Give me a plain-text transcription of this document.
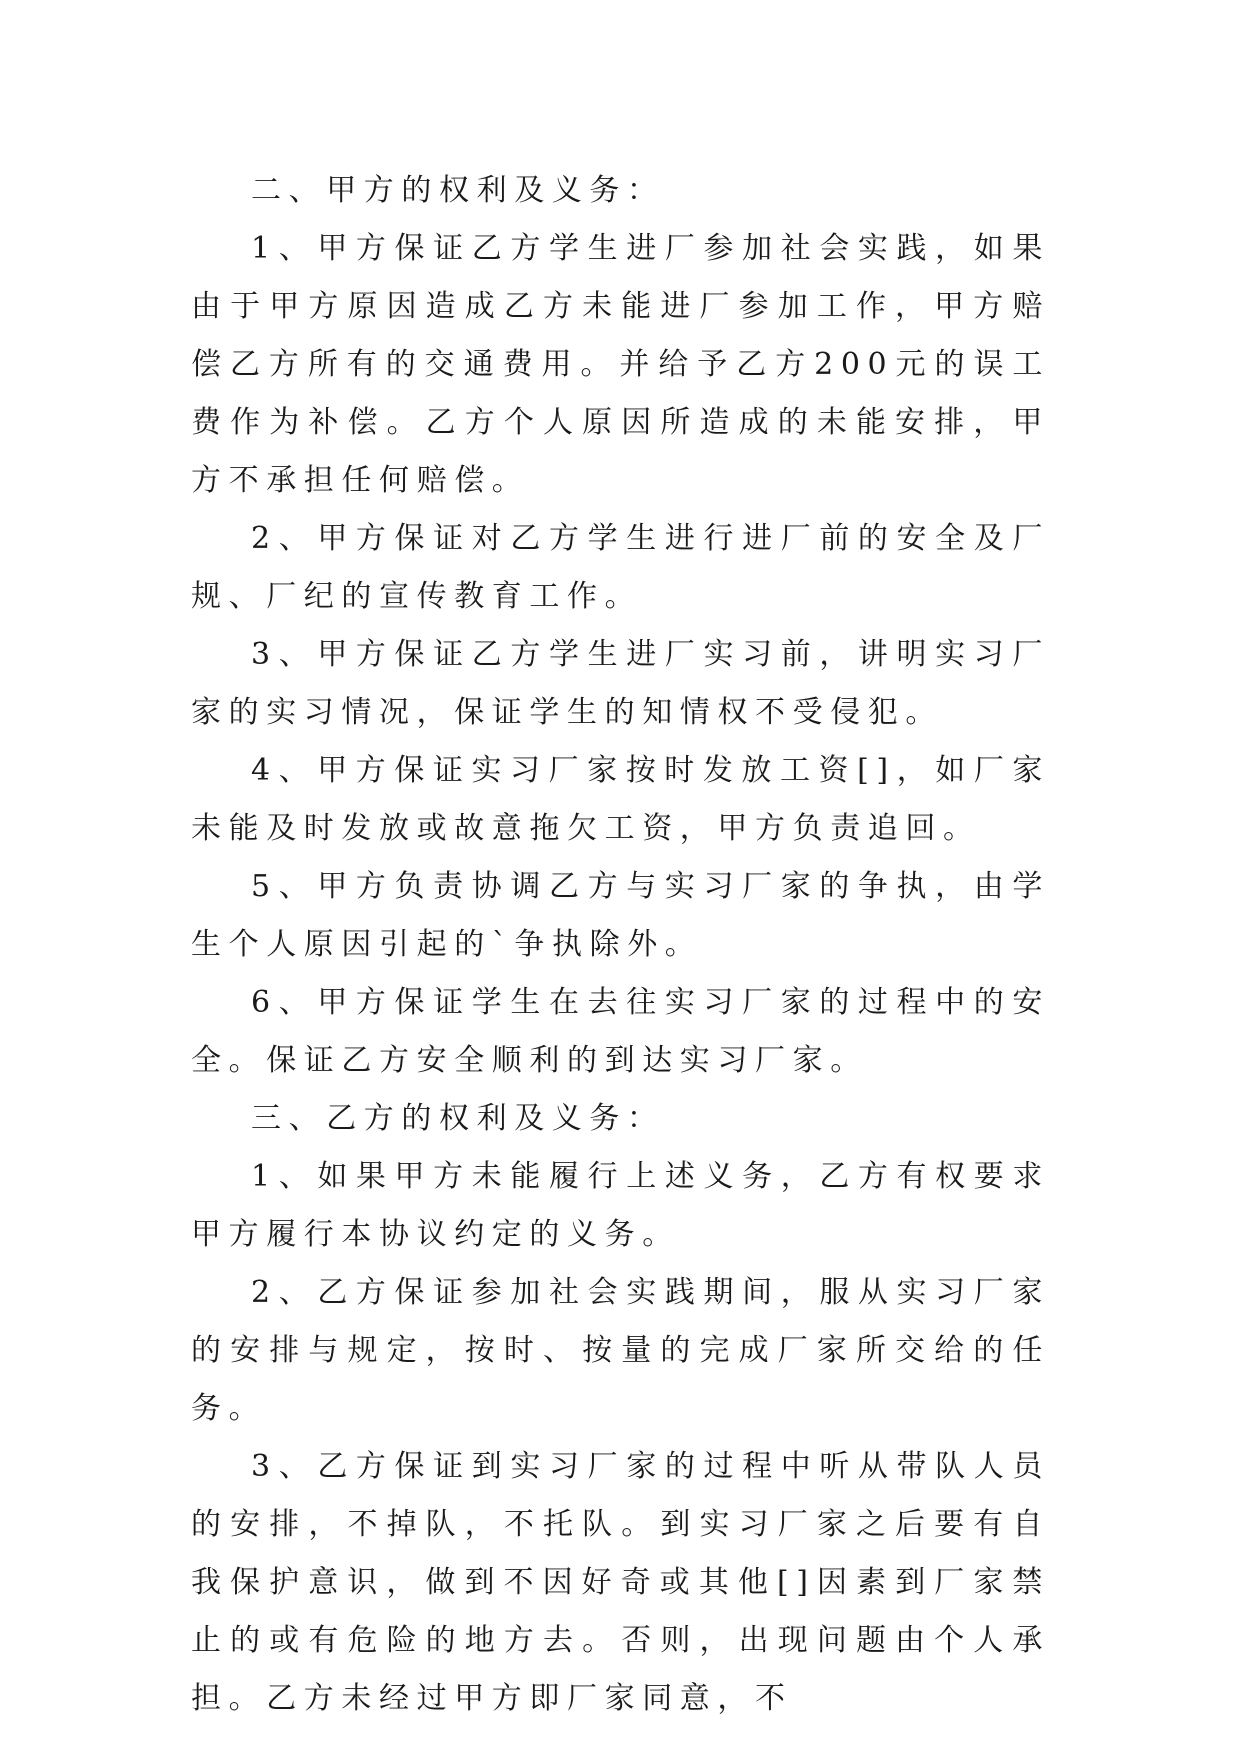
二、甲方的权利及义务：

1、甲方保证乙方学生进厂参加社会实践，如果由于甲方原因造成乙方未能进厂参加工作，甲方赔偿乙方所有的交通费用。并给予乙方200元的误工费作为补偿。乙方个人原因所造成的未能安排，甲方不承担任何赔偿。

2、甲方保证对乙方学生进行进厂前的安全及厂规、厂纪的宣传教育工作。

3、甲方保证乙方学生进厂实习前，讲明实习厂家的实习情况，保证学生的知情权不受侵犯。

4、甲方保证实习厂家按时发放工资[]，如厂家未能及时发放或故意拖欠工资，甲方负责追回。

5、甲方负责协调乙方与实习厂家的争执，由学生个人原因引起的`争执除外。

6、甲方保证学生在去往实习厂家的过程中的安全。保证乙方安全顺利的到达实习厂家。

三、乙方的权利及义务：

1、如果甲方未能履行上述义务，乙方有权要求甲方履行本协议约定的义务。

2、乙方保证参加社会实践期间，服从实习厂家的安排与规定，按时、按量的完成厂家所交给的任务。

3、乙方保证到实习厂家的过程中听从带队人员的安排，不掉队，不托队。到实习厂家之后要有自我保护意识，做到不因好奇或其他[]因素到厂家禁止的或有危险的地方去。否则，出现问题由个人承担。乙方未经过甲方即厂家同意，不
